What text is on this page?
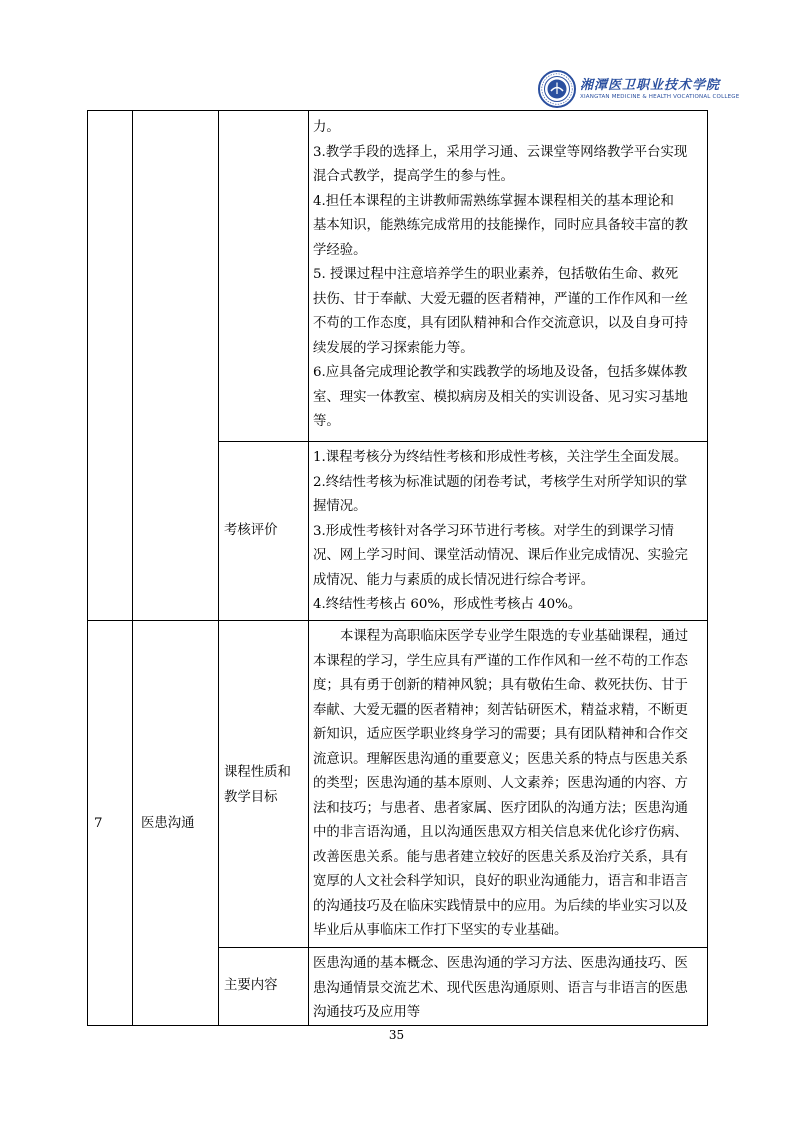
湘潭医卫职业技术学院
XIANGTAN MEDICINE & HEALTH VOCATIONAL COLLEGE
力。
3.教学手段的选择上，采用学习通、云课堂等网络教学平台实现
混合式教学，提高学生的参与性。
4.担任本课程的主讲教师需熟练掌握本课程相关的基本理论和
基本知识，能熟练完成常用的技能操作，同时应具备较丰富的教
学经验。
5. 授课过程中注意培养学生的职业素养，包括敬佑生命、救死
扶伤、甘于奉献、大爱无疆的医者精神，严谨的工作作风和一丝
不苟的工作态度，具有团队精神和合作交流意识，以及自身可持
续发展的学习探索能力等。
6.应具备完成理论教学和实践教学的场地及设备，包括多媒体教
室、理实一体教室、模拟病房及相关的实训设备、见习实习基地
等。
考核评价
1.课程考核分为终结性考核和形成性考核，关注学生全面发展。
2.终结性考核为标准试题的闭卷考试，考核学生对所学知识的掌
握情况。
3.形成性考核针对各学习环节进行考核。对学生的到课学习情
况、网上学习时间、课堂活动情况、课后作业完成情况、实验完
成情况、能力与素质的成长情况进行综合考评。
4.终结性考核占 60%，形成性考核占 40%。
7	医患沟通
课程性质和
教学目标
本课程为高职临床医学专业学生限选的专业基础课程，通过
本课程的学习，学生应具有严谨的工作作风和一丝不苟的工作态
度；具有勇于创新的精神风貌；具有敬佑生命、救死扶伤、甘于
奉献、大爱无疆的医者精神；刻苦钻研医术，精益求精，不断更
新知识，适应医学职业终身学习的需要；具有团队精神和合作交
流意识。理解医患沟通的重要意义；医患关系的特点与医患关系
的类型；医患沟通的基本原则、人文素养；医患沟通的内容、方
法和技巧；与患者、患者家属、医疗团队的沟通方法；医患沟通
中的非言语沟通，且以沟通医患双方相关信息来优化诊疗伤病、
改善医患关系。能与患者建立较好的医患关系及治疗关系，具有
宽厚的人文社会科学知识，良好的职业沟通能力，语言和非语言
的沟通技巧及在临床实践情景中的应用。为后续的毕业实习以及
毕业后从事临床工作打下坚实的专业基础。
主要内容
医患沟通的基本概念、医患沟通的学习方法、医患沟通技巧、医
患沟通情景交流艺术、现代医患沟通原则、语言与非语言的医患
沟通技巧及应用等
35
